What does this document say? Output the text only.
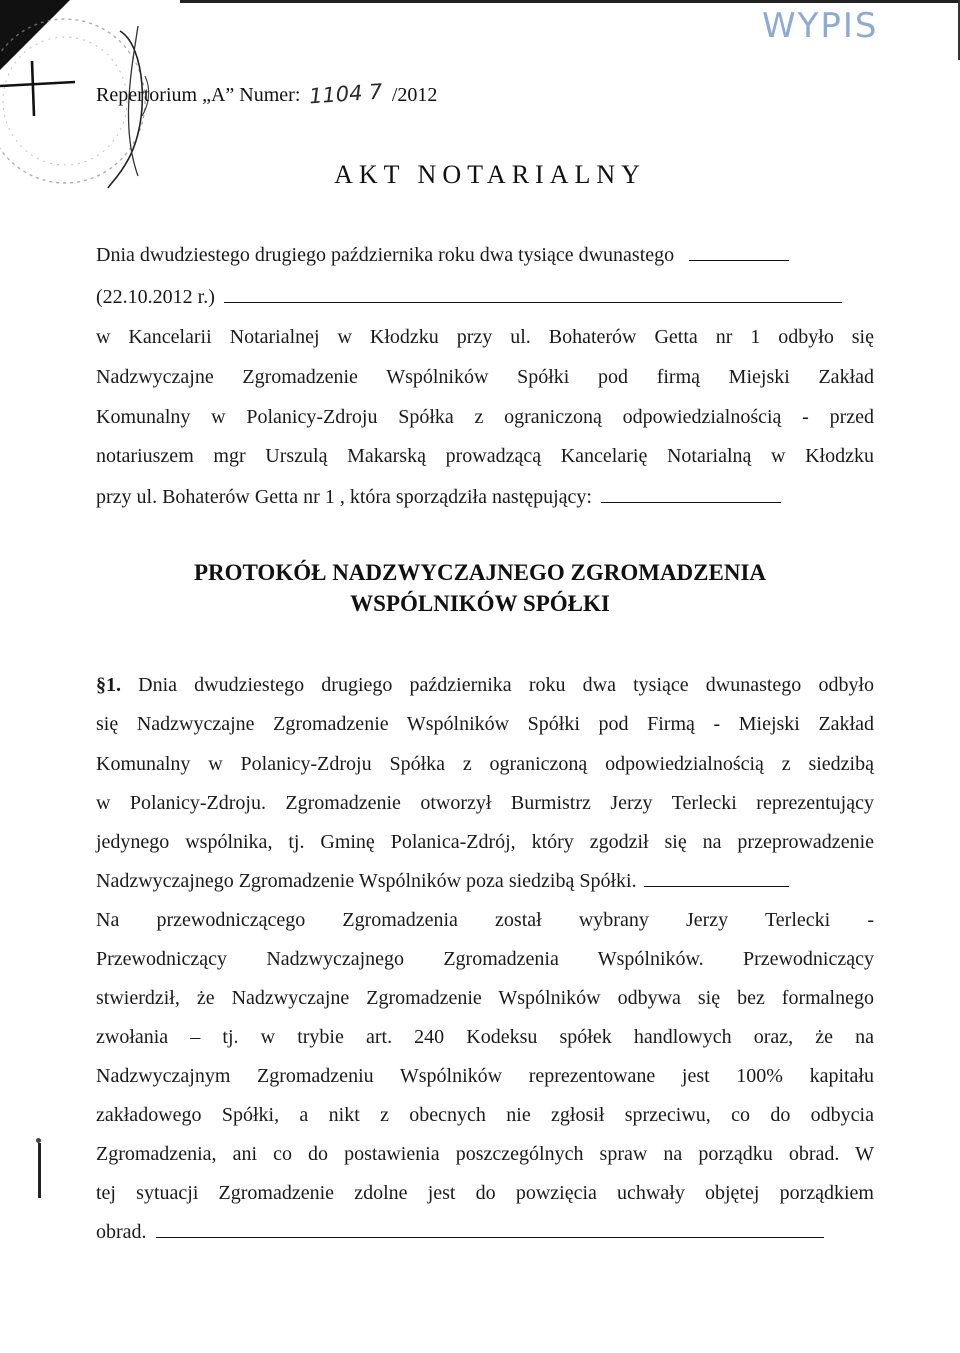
WYPIS
Repertorium „A” Numer: 1104 7 /2012
AKT NOTARIALNY
Dnia dwudziestego drugiego października roku dwa tysiące dwunastego
(22.10.2012 r.)
w Kancelarii Notarialnej w Kłodzku przy ul. Bohaterów Getta nr 1 odbyło się
Nadzwyczajne Zgromadzenie Wspólników Spółki pod firmą Miejski Zakład
Komunalny w Polanicy-Zdroju Spółka z ograniczoną odpowiedzialnością - przed
notariuszem mgr Urszulą Makarską prowadzącą Kancelarię Notarialną w Kłodzku
przy ul. Bohaterów Getta nr 1 , która sporządziła następujący:
PROTOKÓŁ NADZWYCZAJNEGO ZGROMADZENIA
WSPÓLNIKÓW SPÓŁKI
§1. Dnia dwudziestego drugiego października roku dwa tysiące dwunastego odbyło
się Nadzwyczajne Zgromadzenie Wspólników Spółki pod Firmą - Miejski Zakład
Komunalny w Polanicy-Zdroju Spółka z ograniczoną odpowiedzialnością z siedzibą
w Polanicy-Zdroju. Zgromadzenie otworzył Burmistrz Jerzy Terlecki reprezentujący
jedynego wspólnika, tj. Gminę Polanica-Zdrój, który zgodził się na przeprowadzenie
Nadzwyczajnego Zgromadzenie Wspólników poza siedzibą Spółki.
Na przewodniczącego Zgromadzenia został wybrany Jerzy Terlecki -
Przewodniczący Nadzwyczajnego Zgromadzenia Wspólników. Przewodniczący
stwierdził, że Nadzwyczajne Zgromadzenie Wspólników odbywa się bez formalnego
zwołania – tj. w trybie art. 240 Kodeksu spółek handlowych oraz, że na
Nadzwyczajnym Zgromadzeniu Wspólników reprezentowane jest 100% kapitału
zakładowego Spółki, a nikt z obecnych nie zgłosił sprzeciwu, co do odbycia
Zgromadzenia, ani co do postawienia poszczególnych spraw na porządku obrad. W
tej sytuacji Zgromadzenie zdolne jest do powzięcia uchwały objętej porządkiem
obrad.
